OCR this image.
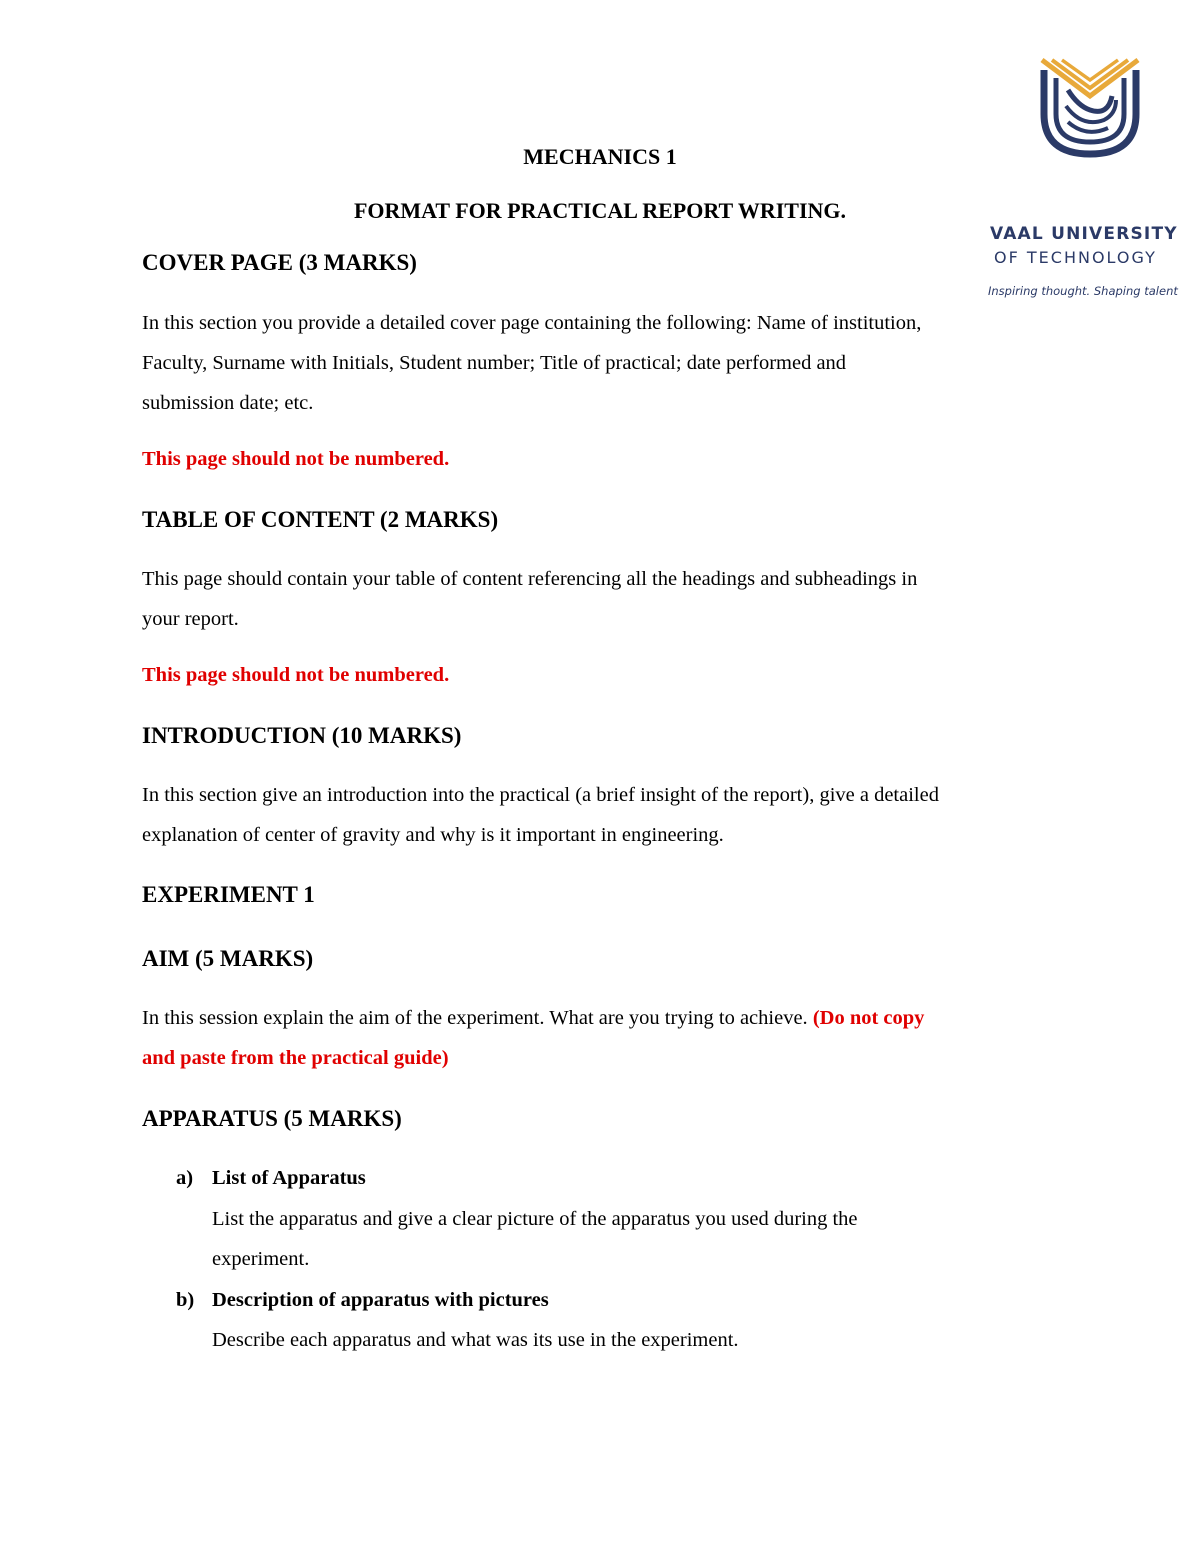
VAAL UNIVERSITY
OF TECHNOLOGY
Inspiring thought. Shaping talent
MECHANICS 1
FORMAT FOR PRACTICAL REPORT WRITING.
COVER PAGE (3 MARKS)
In this section you provide a detailed cover page containing the following: Name of institution,
Faculty, Surname with Initials, Student number; Title of practical; date performed and
submission date; etc.
This page should not be numbered.
TABLE OF CONTENT (2 MARKS)
This page should contain your table of content referencing all the headings and subheadings in
your report.
This page should not be numbered.
INTRODUCTION (10 MARKS)
In this section give an introduction into the practical (a brief insight of the report), give a detailed
explanation of center of gravity and why is it important in engineering.
EXPERIMENT 1
AIM (5 MARKS)
In this session explain the aim of the experiment. What are you trying to achieve. (Do not copy
and paste from the practical guide)
APPARATUS (5 MARKS)
a) List of Apparatus
List the apparatus and give a clear picture of the apparatus you used during the
experiment.
b) Description of apparatus with pictures
Describe each apparatus and what was its use in the experiment.
